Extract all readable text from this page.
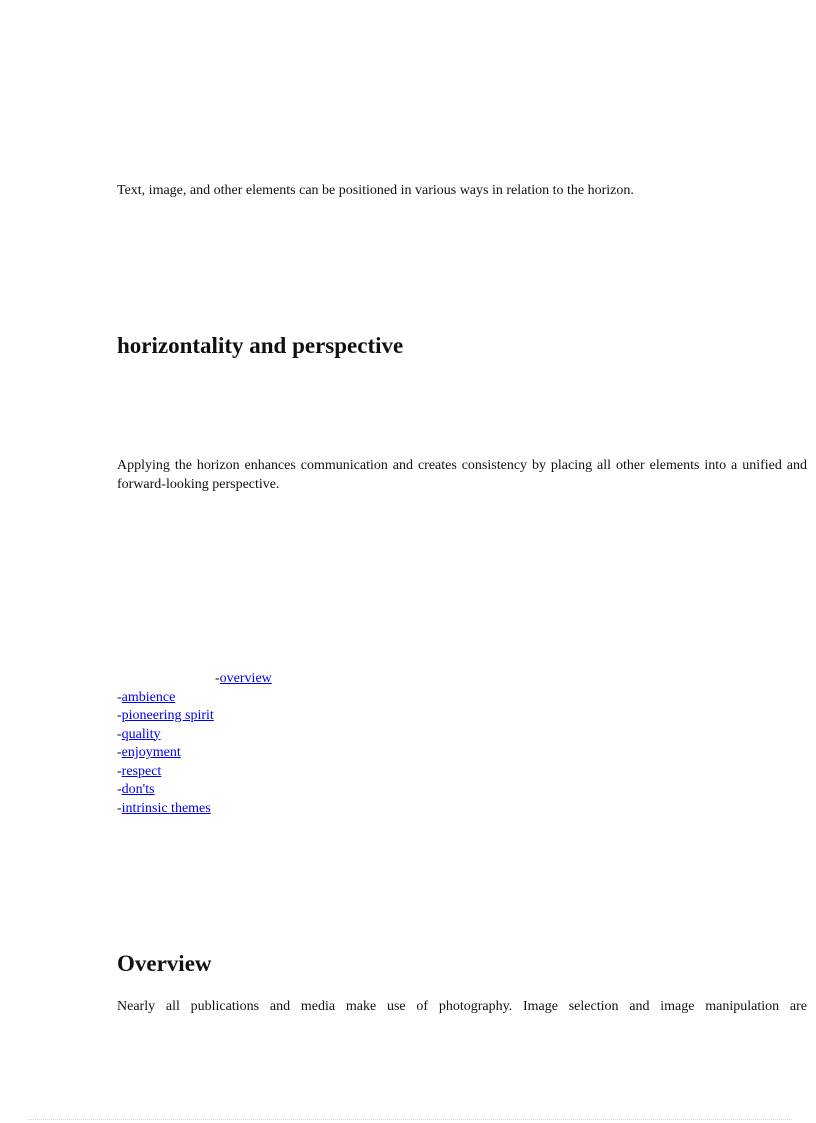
Text, image, and other elements can be positioned in various ways in relation to the horizon.

horizontality and perspective

Applying the horizon enhances communication and creates consistency by placing all other elements into a unified and forward-looking perspective.

-overview
-ambience
-pioneering spirit
-quality
-enjoyment
-respect
-don'ts
-intrinsic themes
Overview

Nearly all publications and media make use of photography. Image selection and image manipulation are
